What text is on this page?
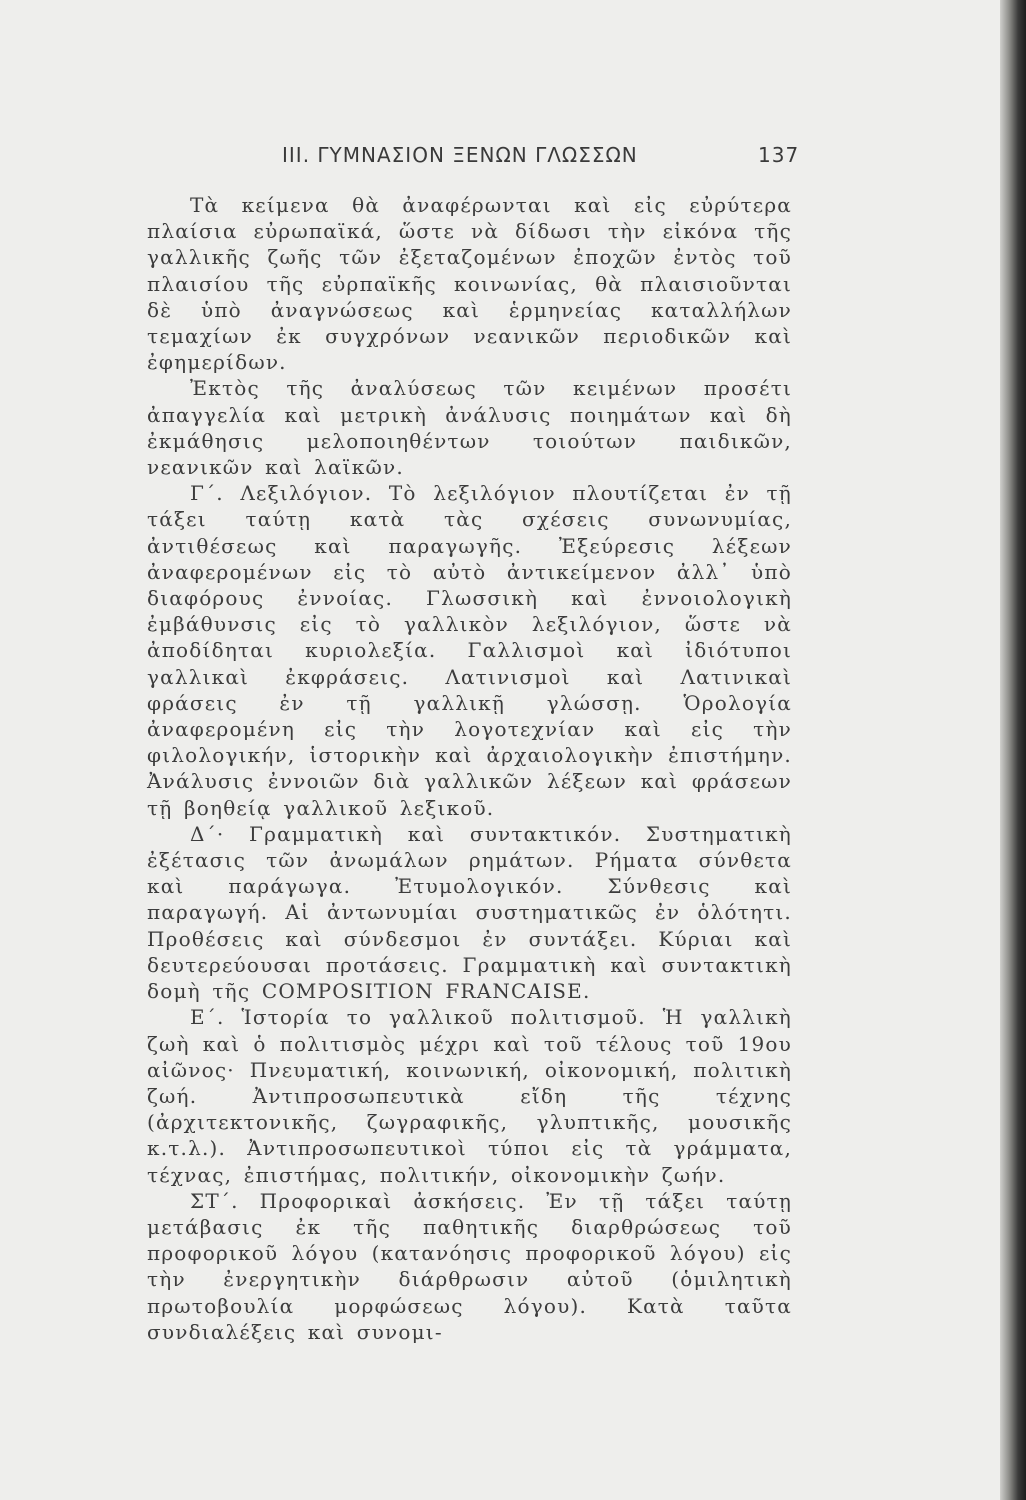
III. ΓΥΜΝΑΣΙΟΝ ΞΕΝΩΝ ΓΛΩΣΣΩΝ	137

Τὰ κείμενα θὰ ἀναφέρωνται καὶ εἰς εὐρύτερα πλαίσια εὐρωπαϊκά, ὥστε νὰ δίδωσι τὴν εἰκόνα τῆς γαλλικῆς ζωῆς τῶν ἐξεταζομένων ἐποχῶν ἐντὸς τοῦ πλαισίου τῆς εὐρπαϊκῆς κοινωνίας, θὰ πλαισιοῦνται δὲ ὑπὸ ἀναγνώσεως καὶ ἑρμηνείας καταλλήλων τεμαχίων ἐκ συγχρόνων νεανικῶν περιοδικῶν καὶ ἐφημερίδων.

Ἐκτὸς τῆς ἀναλύσεως τῶν κειμένων προσέτι ἀπαγγελία καὶ μετρικὴ ἀνάλυσις ποιημάτων καὶ δὴ ἐκμάθησις μελοποιηθέντων τοιούτων παιδικῶν, νεανικῶν καὶ λαϊκῶν.

Γ΄. Λεξιλόγιον. Τὸ λεξιλόγιον πλουτίζεται ἐν τῇ τάξει ταύτῃ κατὰ τὰς σχέσεις συνωνυμίας, ἀντιθέσεως καὶ παραγωγῆς. Ἐξεύρεσις λέξεων ἀναφερομένων εἰς τὸ αὐτὸ ἀντικείμενον ἀλλ᾽ ὑπὸ διαφόρους ἐννοίας. Γλωσσικὴ καὶ ἐννοιολογικὴ ἐμβάθυνσις εἰς τὸ γαλλικὸν λεξιλόγιον, ὥστε νὰ ἀποδίδηται κυριολεξία. Γαλλισμοὶ καὶ ἰδιότυποι γαλλικαὶ ἐκφράσεις. Λατινισμοὶ καὶ Λατινικαὶ φράσεις ἐν τῇ γαλλικῇ γλώσσῃ. Ὁρολογία ἀναφερομένη εἰς τὴν λογοτεχνίαν καὶ εἰς τὴν φιλολογικήν, ἱστορικὴν καὶ ἀρχαιολογικὴν ἐπιστήμην. Ἀνάλυσις ἐννοιῶν διὰ γαλλικῶν λέξεων καὶ φράσεων τῇ βοηθείᾳ γαλλικοῦ λεξικοῦ.

Δ΄· Γραμματικὴ καὶ συντακτικόν. Συστηματικὴ ἐξέτασις τῶν ἀνωμάλων ρημάτων. Ρήματα σύνθετα καὶ παράγωγα. Ἐτυμολογικόν. Σύνθεσις καὶ παραγωγή. Αἱ ἀντωνυμίαι συστηματικῶς ἐν ὁλότητι. Προθέσεις καὶ σύνδεσμοι ἐν συντάξει. Κύριαι καὶ δευτερεύουσαι προτάσεις. Γραμματικὴ καὶ συντακτικὴ δομὴ τῆς COMPOSITION FRANCAISE.

Ε΄. Ἱστορία το γαλλικοῦ πολιτισμοῦ. Ἡ γαλλικὴ ζωὴ καὶ ὁ πολιτισμὸς μέχρι καὶ τοῦ τέλους τοῦ 19ου αἰῶνος· Πνευματική, κοινωνική, οἰκονομική, πολιτικὴ ζωή. Ἀντιπροσωπευτικὰ εἴδη τῆς τέχνης (ἀρχιτεκτονικῆς, ζωγραφικῆς, γλυπτικῆς, μουσικῆς κ.τ.λ.). Ἀντιπροσωπευτικοὶ τύποι εἰς τὰ γράμματα, τέχνας, ἐπιστήμας, πολιτικήν, οἰκονομικὴν ζωήν.

ΣΤ΄. Προφορικαὶ ἀσκήσεις. Ἐν τῇ τάξει ταύτῃ μετάβασις ἐκ τῆς παθητικῆς διαρθρώσεως τοῦ προφορικοῦ λόγου (κατανόησις προφορικοῦ λόγου) εἰς τὴν ἐνεργητικὴν διάρθρωσιν αὐτοῦ (ὁμιλητικὴ πρωτοβουλία μορφώσεως λόγου). Κατὰ ταῦτα συνδιαλέξεις καὶ συνομι-
